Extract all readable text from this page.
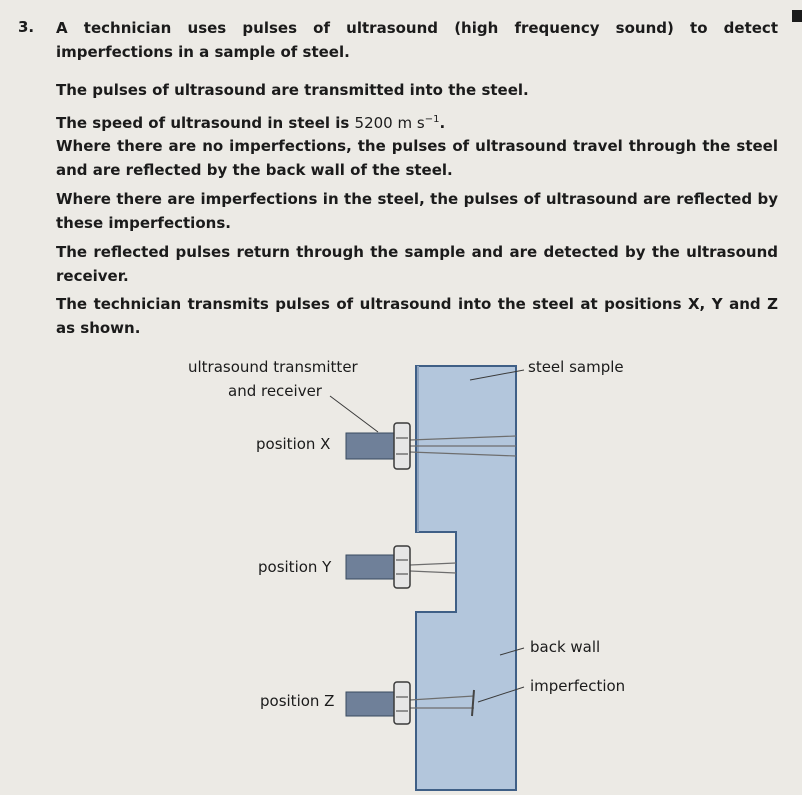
3. A technician uses pulses of ultrasound (high frequency sound) to detect imperfections in a sample of steel.
The pulses of ultrasound are transmitted into the steel.
The speed of ultrasound in steel is 5200 m $s^{-1}$.
Where there are no imperfections, the pulses of ultrasound travel through the steel and are reflected by the back wall of the steel.
Where there are imperfections in the steel, the pulses of ultrasound are reflected by these imperfections.
The reflected pulses return through the sample and are detected by the ultrasound receiver.
The technician transmits pulses of ultrasound into the steel at positions X, Y and Z as shown.
ultrasound transmitter
and receiver
steel sample
position X
position Y
back wall
imperfection
position Z
